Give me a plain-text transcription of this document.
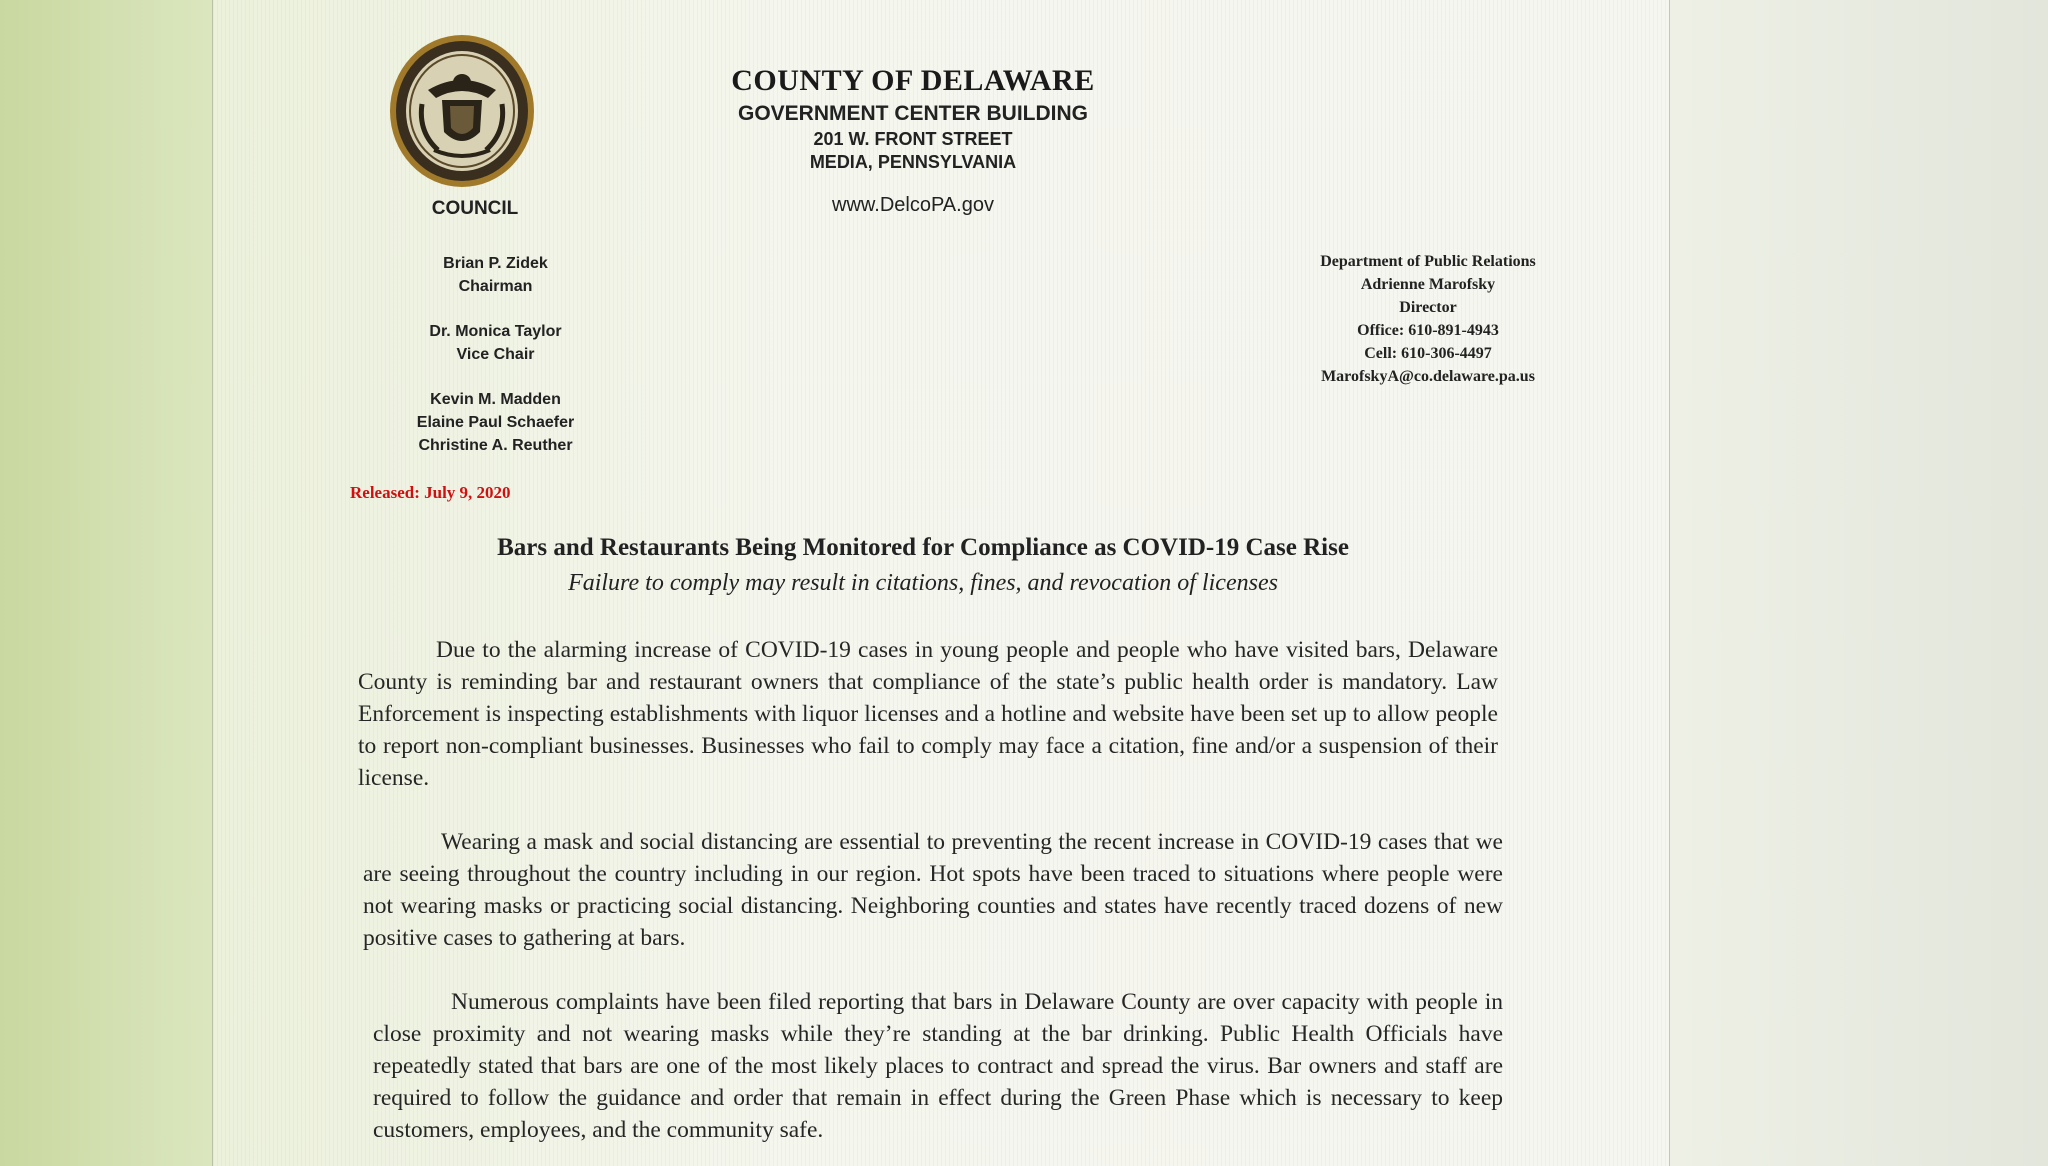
COUNCIL
Brian P. Zidek
Chairman
Dr. Monica Taylor
Vice Chair
Kevin M. Madden
Elaine Paul Schaefer
Christine A. Reuther
COUNTY OF DELAWARE
GOVERNMENT CENTER BUILDING
201 W. FRONT STREET
MEDIA, PENNSYLVANIA
www.DelcoPA.gov
Department of Public Relations
Adrienne Marofsky
Director
Office: 610-891-4943
Cell: 610-306-4497
MarofskyA@co.delaware.pa.us
Released: July 9, 2020
Bars and Restaurants Being Monitored for Compliance as COVID-19 Case Rise
Failure to comply may result in citations, fines, and revocation of licenses

Due to the alarming increase of COVID-19 cases in young people and people who have visited bars, Delaware County is reminding bar and restaurant owners that compliance of the state’s public health order is mandatory. Law Enforcement is inspecting establishments with liquor licenses and a hotline and website have been set up to allow people to report non-compliant businesses. Businesses who fail to comply may face a citation, fine and/or a suspension of their license.

Wearing a mask and social distancing are essential to preventing the recent increase in COVID-19 cases that we are seeing throughout the country including in our region. Hot spots have been traced to situations where people were not wearing masks or practicing social distancing. Neighboring counties and states have recently traced dozens of new positive cases to gathering at bars.

Numerous complaints have been filed reporting that bars in Delaware County are over capacity with people in close proximity and not wearing masks while they’re standing at the bar drinking. Public Health Officials have repeatedly stated that bars are one of the most likely places to contract and spread the virus. Bar owners and staff are required to follow the guidance and order that remain in effect during the Green Phase which is necessary to keep customers, employees, and the community safe.
